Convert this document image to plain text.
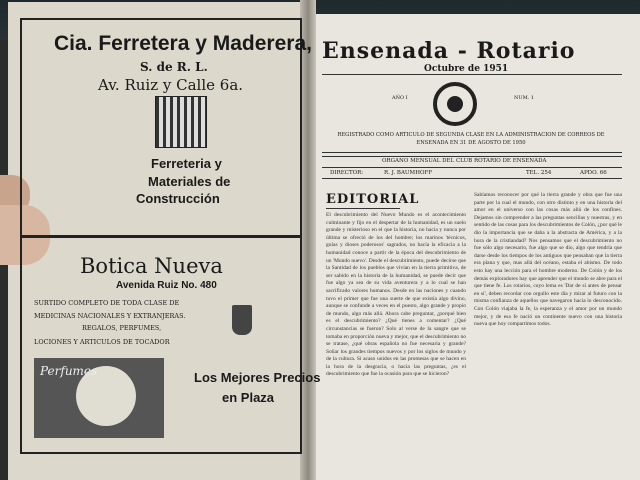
Cia. Ferretera y Maderera,
S. de R. L.
Av. Ruiz y Calle 6a.
Ferreteria y
Materiales de
Construcción
Botica Nueva
Avenida Ruiz No. 480
SURTIDO COMPLETO DE TODA CLASE DE
MEDICINAS NACIONALES Y EXTRANJERAS.
REGALOS, PERFUMES,
LOCIONES Y ARTICULOS DE TOCADOR
Perfumes	Los Mejores Precios
en Plaza
Ensenada - Rotario
Octubre de 1951
AÑO I	NUM. 1
REGISTRADO COMO ARTICULO DE SEGUNDA CLASE EN LA ADMINISTRACION DE CORREOS DE ENSENADA EN 31 DE AGOSTO DE 1950
ORGANO MENSUAL DEL CLUB ROTARIO DE ENSENADA
DIRECTOR:	R. J. BAUMHOFF	TEL. 254	APDO. 66
EDITORIAL
El descubrimiento del Nuevo Mundo es el acontecimiento culminante y fijo en el despertar de la humanidad, es un suelo grande y misterioso en el que la historia, no hacia y nunca por última se ofreció de los del hombre; los marinos 'técnicos, guías y dioses poderosos' sagrados, no hacía la eficacia a la humanidad conoce a partir de la época del descubrimiento de un 'Mundo nuevo'. Desde el descubrimiento, puede decirse que la Santidad de los pueblos que vivían en la tierra primitiva, de ser sabido en la historia de la humanidad, se puede decir que fue algo ya sea de su vida aventurera y a lo cual se han sacrificado valores humanos. Desde en las naciones y cuando tuvo el primer que fue una suerte de que existía algo divino, aunque se confunde a veces en el puesto, algo grande y propio de mundo, algo más allá. Ahora cabe preguntar, ¿porqué bien es el descubrimiento? ¿Qué tienes a comentar? ¿Qué circunstancias se fueron? Solo al verse de la sangre que se tomaba en proporción nueva y mejor, que el descubrimiento no se tratase, ¿qué obras española no fue necesaria y grande? Soñar los grandes tiempos nuevos y por los siglos de mundo y de la cultura. Si acaso unidos en las promesas que se hacen en la hora de la desgracia, o hacia las preguntas, ¿es el descubrimiento que fue la ocasión para que se hicieron?
Sabíamos reconocer por qué la tierra grande y obra que fue una parte por la cual el mundo, con otro distinto y en una historia del amor en el universo con las cosas más allá de los confines. Dejamos sin comprender a las preguntas sencillas y nuestras, y en sentido de las cosas para los descubrimientos de Colón, ¿por qué le dio la importancia que se daba a la abstracta de América, y a la hora de la cristiandad? Nos pensamos que el descubrimiento no fue sólo algo necesario, fue algo que se dio, algo que tendría que darse desde los tiempos de los antiguos que pensaban que la tierra era plana y que, mas allá del océano, estaba el abismo. De todo esto hay una lección para el hombre moderno. De Colón y de los demás exploradores hay que aprender que el mundo se abre para el que tiene fe. Los rotarios, cuyo lema es 'Dar de sí antes de pensar en sí', deben recordar con orgullo este día y mirar al futuro con la misma confianza de aquellos que navegaron hacia lo desconocido. Con Colón viajaba la fe, la esperanza y el amor por un mundo mejor, y de esa fe nació un continente nuevo con una historia nueva que hoy compartimos todos.
